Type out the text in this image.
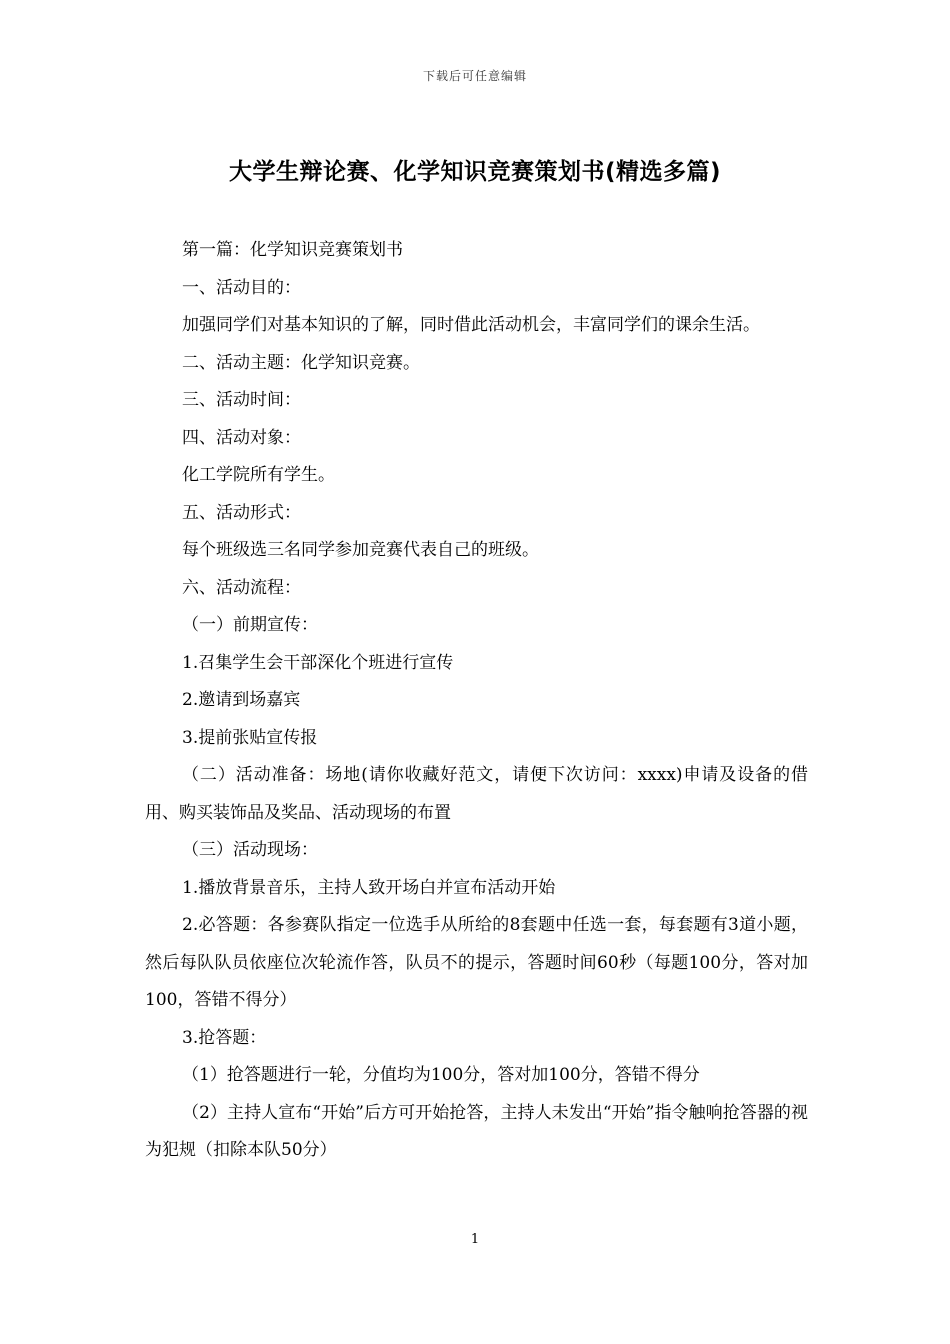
下载后可任意编辑
大学生辩论赛、化学知识竞赛策划书(精选多篇)

第一篇：化学知识竞赛策划书

一、活动目的：

加强同学们对基本知识的了解，同时借此活动机会，丰富同学们的课余生活。

二、活动主题：化学知识竞赛。

三、活动时间：

四、活动对象：

化工学院所有学生。

五、活动形式：

每个班级选三名同学参加竞赛代表自己的班级。

六、活动流程：

（一）前期宣传：

1.召集学生会干部深化个班进行宣传

2.邀请到场嘉宾

3.提前张贴宣传报

（二）活动准备：场地(请你收藏好范文，请便下次访问：xxxx)申请及设备的借用、购买装饰品及奖品、活动现场的布置

（三）活动现场：

1.播放背景音乐，主持人致开场白并宣布活动开始

2.必答题：各参赛队指定一位选手从所给的8套题中任选一套，每套题有3道小题，然后每队队员依座位次轮流作答，队员不的提示，答题时间60秒（每题100分，答对加100，答错不得分）

3.抢答题：

（1）抢答题进行一轮，分值均为100分，答对加100分，答错不得分

（2）主持人宣布“开始”后方可开始抢答，主持人未发出“开始”指令触响抢答器的视为犯规（扣除本队50分）

1
